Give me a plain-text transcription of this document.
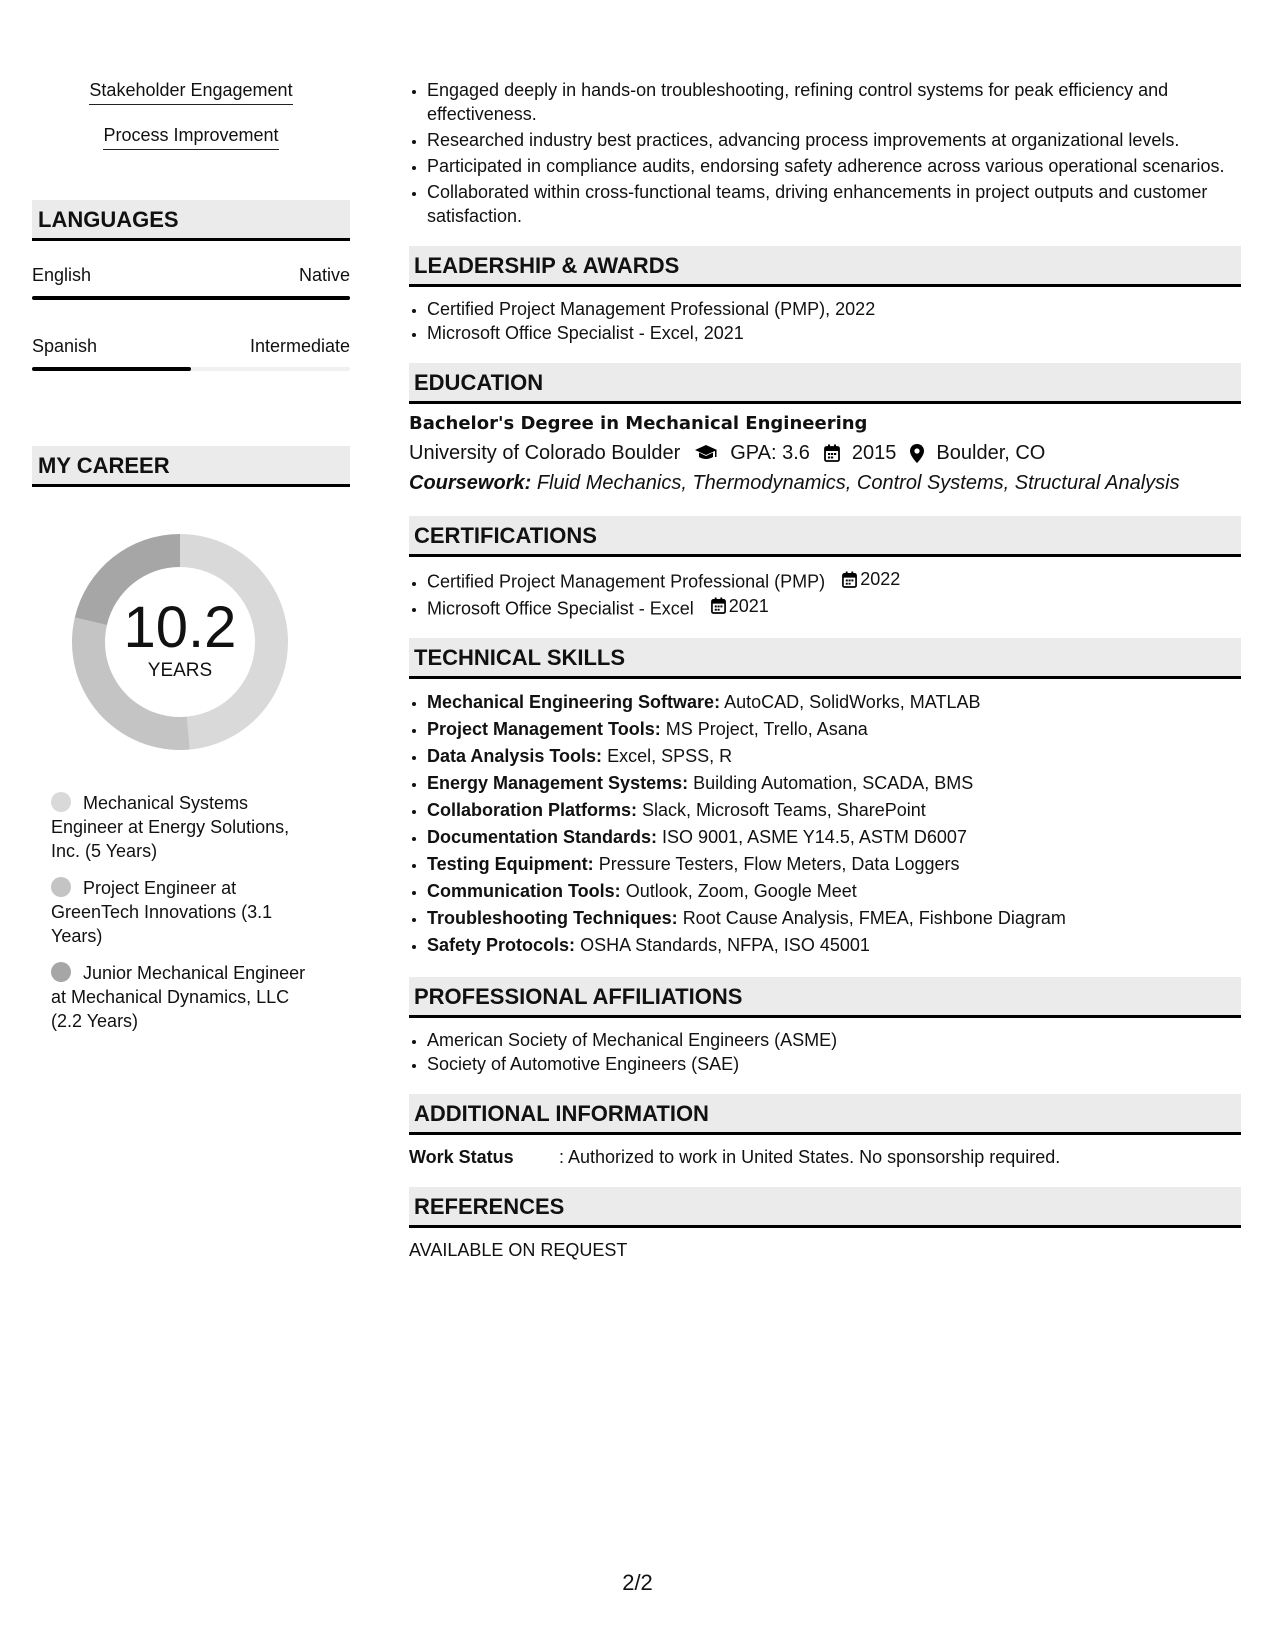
Stakeholder Engagement
Process Improvement
LANGUAGES
English	Native
Spanish	Intermediate
MY CAREER
10.2
YEARS
Mechanical Systems Engineer at Energy Solutions, Inc. (5 Years)
Project Engineer at GreenTech Innovations (3.1 Years)
Junior Mechanical Engineer at Mechanical Dynamics, LLC (2.2 Years)
• Engaged deeply in hands-on troubleshooting, refining control systems for peak efficiency and effectiveness.
• Researched industry best practices, advancing process improvements at organizational levels.
• Participated in compliance audits, endorsing safety adherence across various operational scenarios.
• Collaborated within cross-functional teams, driving enhancements in project outputs and customer satisfaction.
LEADERSHIP & AWARDS
• Certified Project Management Professional (PMP), 2022
• Microsoft Office Specialist - Excel, 2021
EDUCATION
Bachelor's Degree in Mechanical Engineering
University of Colorado Boulder	GPA: 3.6 2015 Boulder, CO
Coursework: Fluid Mechanics, Thermodynamics, Control Systems, Structural Analysis
CERTIFICATIONS
• Certified Project Management Professional (PMP) 2022
• Microsoft Office Specialist - Excel 2021
TECHNICAL SKILLS
• Mechanical Engineering Software: AutoCAD, SolidWorks, MATLAB
• Project Management Tools: MS Project, Trello, Asana
• Data Analysis Tools: Excel, SPSS, R
• Energy Management Systems: Building Automation, SCADA, BMS
• Collaboration Platforms: Slack, Microsoft Teams, SharePoint
• Documentation Standards: ISO 9001, ASME Y14.5, ASTM D6007
• Testing Equipment: Pressure Testers, Flow Meters, Data Loggers
• Communication Tools: Outlook, Zoom, Google Meet
• Troubleshooting Techniques: Root Cause Analysis, FMEA, Fishbone Diagram
• Safety Protocols: OSHA Standards, NFPA, ISO 45001
PROFESSIONAL AFFILIATIONS
• American Society of Mechanical Engineers (ASME)
• Society of Automotive Engineers (SAE)
ADDITIONAL INFORMATION
Work Status	: Authorized to work in United States. No sponsorship required.
REFERENCES
AVAILABLE ON REQUEST
2/2
